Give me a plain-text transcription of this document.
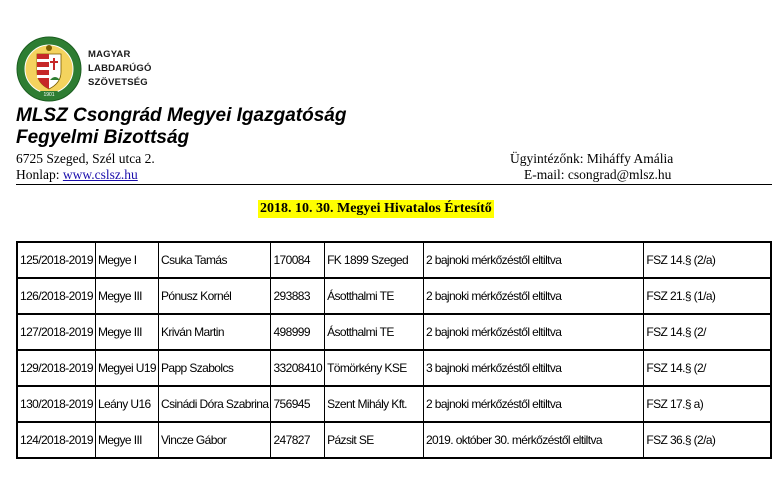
1901
MAGYAR
LABDARÚGÓ
SZÖVETSÉG
MLSZ Csongrád Megyei Igazgatóság
Fegyelmi Bizottság
6725 Szeged, Szél utca 2.
Honlap: www.cslsz.hu
Ügyintézőnk: Miháffy Amália
E-mail: csongrad@mlsz.hu
2018. 10. 30. Megyei Hivatalos Értesítő
125/2018-2019	Megye I	Csuka Tamás	170084	FK 1899 Szeged	2 bajnoki mérkőzéstől eltiltva	FSZ 14.§ (2/a)
126/2018-2019	Megye III	Pónusz Kornél	293883	Ásotthalmi TE	2 bajnoki mérkőzéstől eltiltva	FSZ 21.§ (1/a)
127/2018-2019	Megye III	Kriván Martin	498999	Ásotthalmi TE	2 bajnoki mérkőzéstől eltiltva	FSZ 14.§ (2/
129/2018-2019	Megyei U19	Papp Szabolcs	33208410	Tömörkény KSE	3 bajnoki mérkőzéstől eltiltva	FSZ 14.§ (2/
130/2018-2019	Leány U16	Csinádi Dóra Szabrina	756945	Szent Mihály Kft.	2 bajnoki mérkőzéstől eltiltva	FSZ 17.§ a)
124/2018-2019	Megye III	Vincze Gábor	247827	Pázsit SE	2019. október 30. mérkőzéstől eltiltva	FSZ 36.§ (2/a)
